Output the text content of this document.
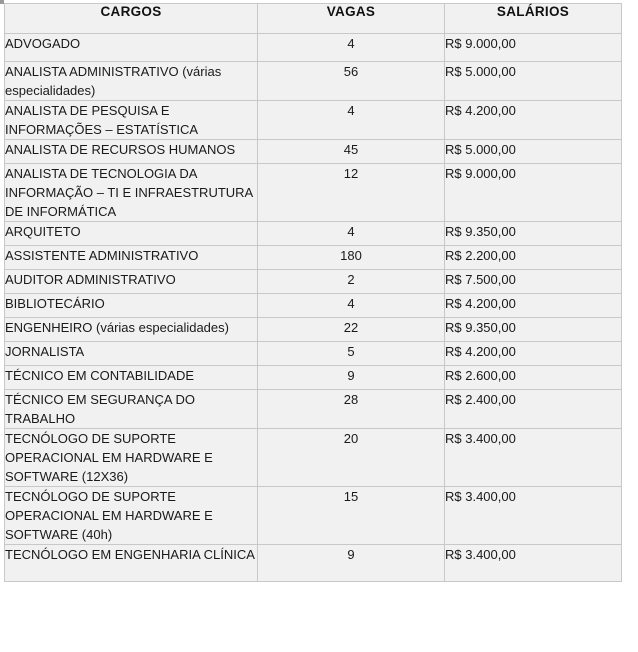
CARGOS	VAGAS	SALÁRIOS
ADVOGADO	4	R$ 9.000,00
ANALISTA ADMINISTRATIVO (várias especialidades)	56	R$ 5.000,00
ANALISTA DE PESQUISA E INFORMAÇÕES – ESTATÍSTICA	4	R$ 4.200,00
ANALISTA DE RECURSOS HUMANOS	45	R$ 5.000,00
ANALISTA DE TECNOLOGIA DA INFORMAÇÃO – TI E INFRAESTRUTURA DE INFORMÁTICA	12	R$ 9.000,00
ARQUITETO	4	R$ 9.350,00
ASSISTENTE ADMINISTRATIVO	180	R$ 2.200,00
AUDITOR ADMINISTRATIVO	2	R$ 7.500,00
BIBLIOTECÁRIO	4	R$ 4.200,00
ENGENHEIRO (várias especialidades)	22	R$ 9.350,00
JORNALISTA	5	R$ 4.200,00
TÉCNICO EM CONTABILIDADE	9	R$ 2.600,00
TÉCNICO EM SEGURANÇA DO TRABALHO	28	R$ 2.400,00
TECNÓLOGO DE SUPORTE OPERACIONAL EM HARDWARE E SOFTWARE (12X36)	20	R$ 3.400,00
TECNÓLOGO DE SUPORTE OPERACIONAL EM HARDWARE E SOFTWARE (40h)	15	R$ 3.400,00
TECNÓLOGO EM ENGENHARIA CLÍNICA	9	R$ 3.400,00
